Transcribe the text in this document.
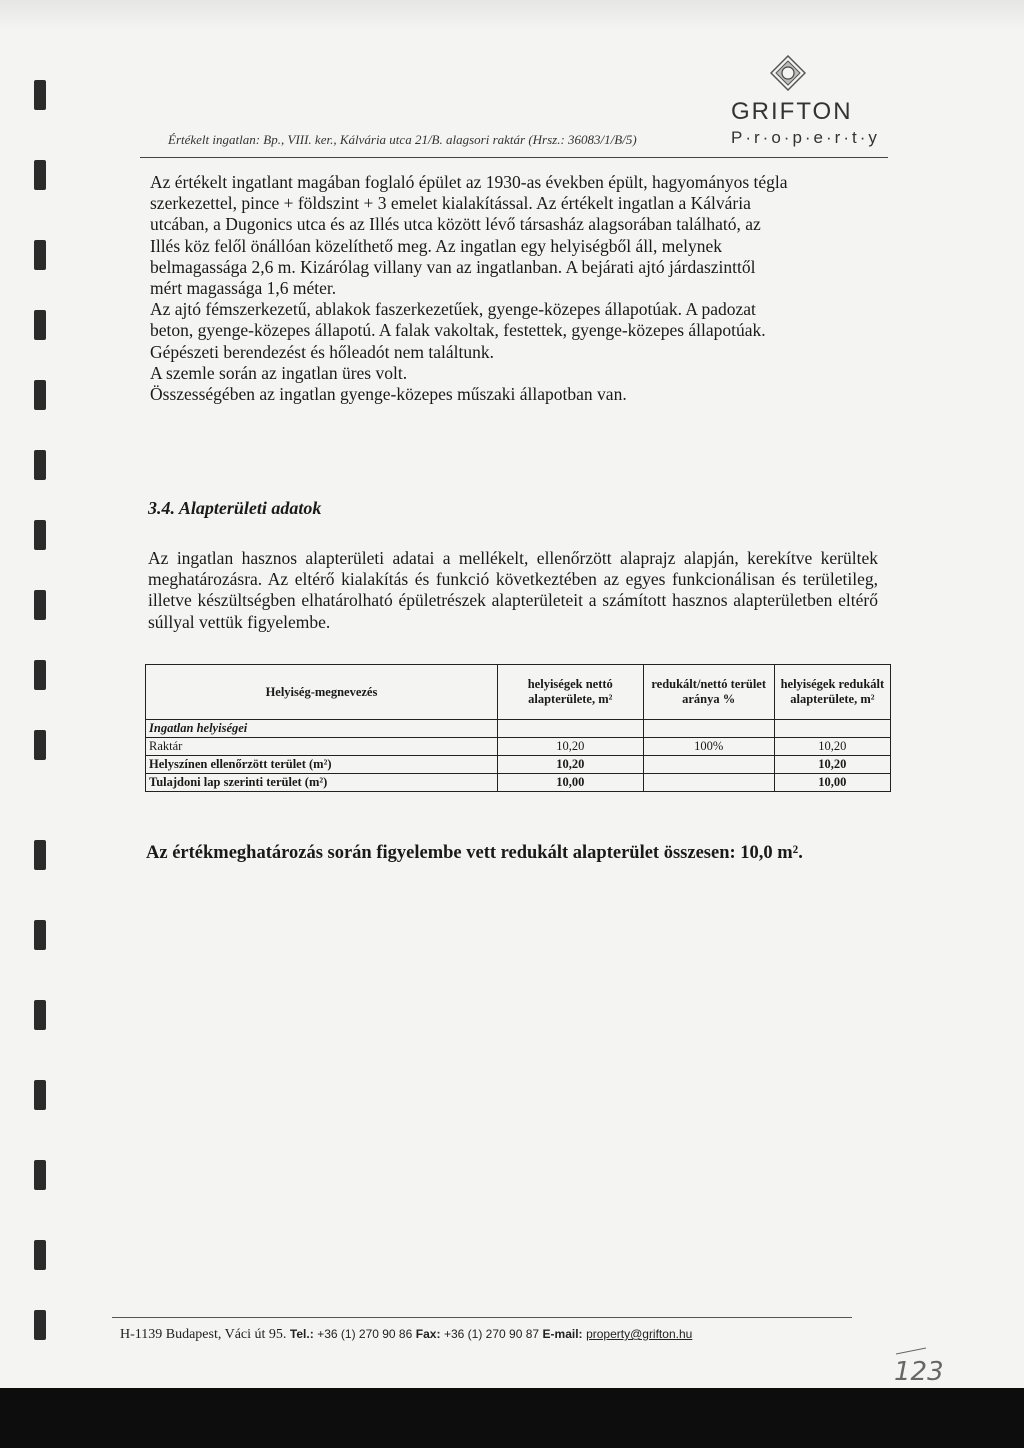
Értékelt ingatlan: Bp., VIII. ker., Kálvária utca 21/B. alagsori raktár (Hrsz.: 36083/1/B/5)
GRIFTON
P·r·o·p·e·r·t·y

Az értékelt ingatlant magában foglaló épület az 1930-as években épült, hagyományos tégla

szerkezettel, pince + földszint + 3 emelet kialakítással. Az értékelt ingatlan a Kálvária

utcában, a Dugonics utca és az Illés utca között lévő társasház alagsorában található, az

Illés köz felől önállóan közelíthető meg. Az ingatlan egy helyiségből áll, melynek

belmagassága 2,6 m. Kizárólag villany van az ingatlanban. A bejárati ajtó járdaszinttől

mért magassága 1,6 méter.

Az ajtó fémszerkezetű, ablakok faszerkezetűek, gyenge-közepes állapotúak. A padozat

beton, gyenge-közepes állapotú. A falak vakoltak, festettek, gyenge-közepes állapotúak.

Gépészeti berendezést és hőleadót nem találtunk.

A szemle során az ingatlan üres volt.

Összességében az ingatlan gyenge-közepes műszaki állapotban van.

3.4. Alapterületi adatok

Az ingatlan hasznos alapterületi adatai a mellékelt, ellenőrzött alaprajz alapján, kerekítve kerültek meghatározásra. Az eltérő kialakítás és funkció következtében az egyes funkcionálisan és területileg, illetve készültségben elhatárolható épületrészek alapterületeit a számított hasznos alapterületben eltérő súllyal vettük figyelembe.

Helyiség-megnevezés	helyiségek nettó alapterülete, m²	redukált/nettó terület aránya %	helyiségek redukált alapterülete, m²
Ingatlan helyiségei			
Raktár	10,20	100%	10,20
Helyszínen ellenőrzött terület (m²)	10,20		10,20
Tulajdoni lap szerinti terület (m²)	10,00		10,00

Az értékmeghatározás során figyelembe vett redukált alapterület összesen: 10,0 m².

H-1139 Budapest, Váci út 95. Tel.: +36 (1) 270 90 86 Fax: +36 (1) 270 90 87 E-mail: property@grifton.hu
123
